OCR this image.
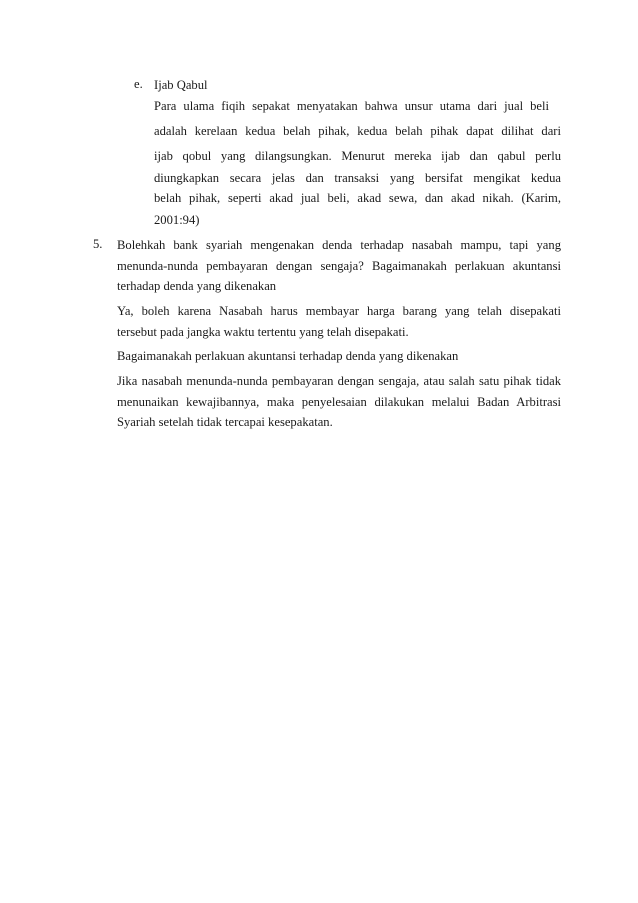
e. Ijab Qabul
Para ulama fiqih sepakat menyatakan bahwa unsur utama dari jual beli
adalah kerelaan kedua belah pihak, kedua belah pihak dapat dilihat dari
ijab qobul yang dilangsungkan. Menurut mereka ijab dan qabul perlu
diungkapkan secara jelas dan transaksi yang bersifat mengikat kedua
belah pihak, seperti akad jual beli, akad sewa, dan akad nikah. (Karim,
2001:94)
5. Bolehkah bank syariah mengenakan denda terhadap nasabah mampu, tapi yang
menunda-nunda pembayaran dengan sengaja? Bagaimanakah perlakuan akuntansi
terhadap denda yang dikenakan
Ya, boleh karena Nasabah harus membayar harga barang yang telah disepakati
tersebut pada jangka waktu tertentu yang telah disepakati.
Bagaimanakah perlakuan akuntansi terhadap denda yang dikenakan
Jika nasabah menunda-nunda pembayaran dengan sengaja, atau salah satu pihak tidak
menunaikan kewajibannya, maka penyelesaian dilakukan melalui Badan Arbitrasi
Syariah setelah tidak tercapai kesepakatan.
